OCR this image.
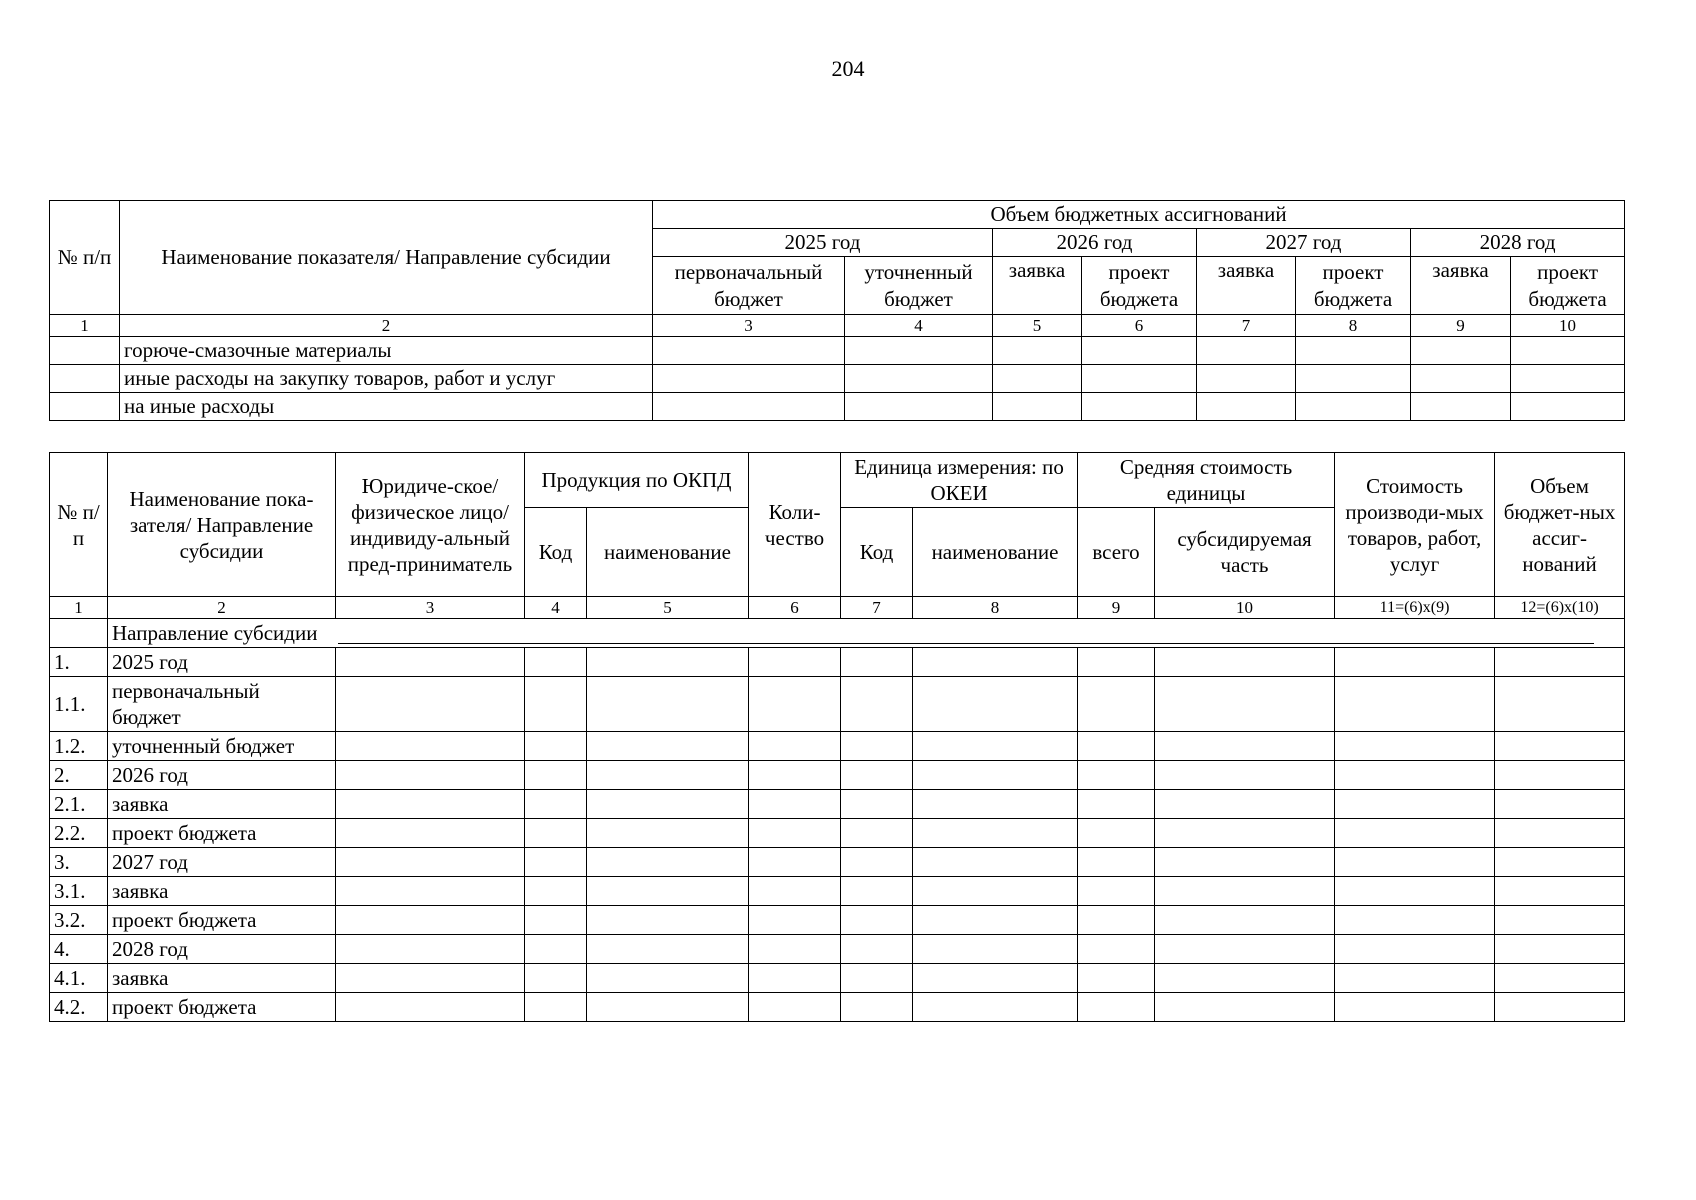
204
№ п/п	Наименование показателя/ Направление субсидии	Объем бюджетных ассигнований							
		2025 год		2026 год		2027 год		2028 год	
		первоначальный бюджет	уточненный бюджет	заявка	проект бюджета	заявка	проект бюджета	заявка	проект бюджета
1	2	3	4	5	6	7	8	9	10
	горюче-смазочные материалы								
	иные расходы на закупку товаров, работ и услуг								
	на иные расходы								
№ п/п	Наименование пока-зателя/ Направление субсидии	Юридиче-ское/физическое лицо/ индивиду-альный пред-приниматель	Продукция по ОКПД		Коли-чество	Единица измерения: по ОКЕИ		Средняя стоимость единицы		Стоимость производи-мых товаров, работ, услуг	Объем бюджет-ных ассиг-нований
			Код	наименование		Код	наименование	всего	субсидируемая часть		
1	2	3	4	5	6	7	8	9	10	11=(6)х(9)	12=(6)х(10)
	Направление субсидии										

1.	2025 год										
1.1.	первоначальный бюджет										
1.2.	уточненный бюджет										
2.	2026 год										
2.1.	заявка										
2.2.	проект бюджета										
3.	2027 год										
3.1.	заявка										
3.2.	проект бюджета										
4.	2028 год										
4.1.	заявка										
4.2.	проект бюджета										
